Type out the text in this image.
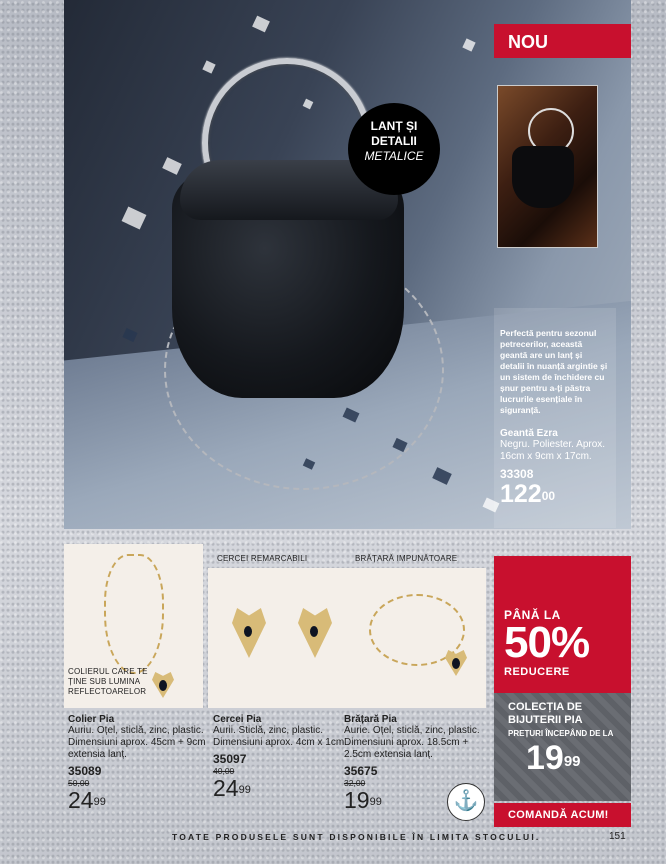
NOU
LANȚ ȘI
DETALII
METALICE
Perfectă pentru sezonul petrecerilor, această geantă are un lanț și detalii în nuanță argintie și un sistem de închidere cu șnur pentru a-ți păstra lucrurile esențiale în siguranță.
Geantă Ezra
Negru. Poliester. Aprox. 16cm x 9cm x 17cm.
33308
$122^{00}$
COLIERUL CARE TE ȚINE SUB LUMINA REFLECTOARELOR
Colier Pia
Auriu. Oțel, sticlă, zinc, plastic. Dimensiuni aprox. 45cm + 9cm extensia lanț.
35089
50,00
$24^{99}$
CERCEI REMARCABILI
Cercei Pia
Aurii. Sticlă, zinc, plastic. Dimensiuni aprox. 4cm x 1cm.
35097
40,00
$24^{99}$
BRĂȚARĂ IMPUNĂTOARE
Brățară Pia
Aurie. Oțel, sticlă, zinc, plastic. Dimensiuni aprox. 18.5cm + 2.5cm extensia lanț.
35675
32,00
$19^{99}$	⚓
PÂNĂ LA
50%
REDUCERE
COLECȚIA DE BIJUTERII PIA
PREȚURI ÎNCEPÂND DE LA
$19^{99}$
COMANDĂ ACUM!
TOATE PRODUSELE SUNT DISPONIBILE ÎN LIMITA STOCULUI.	151
